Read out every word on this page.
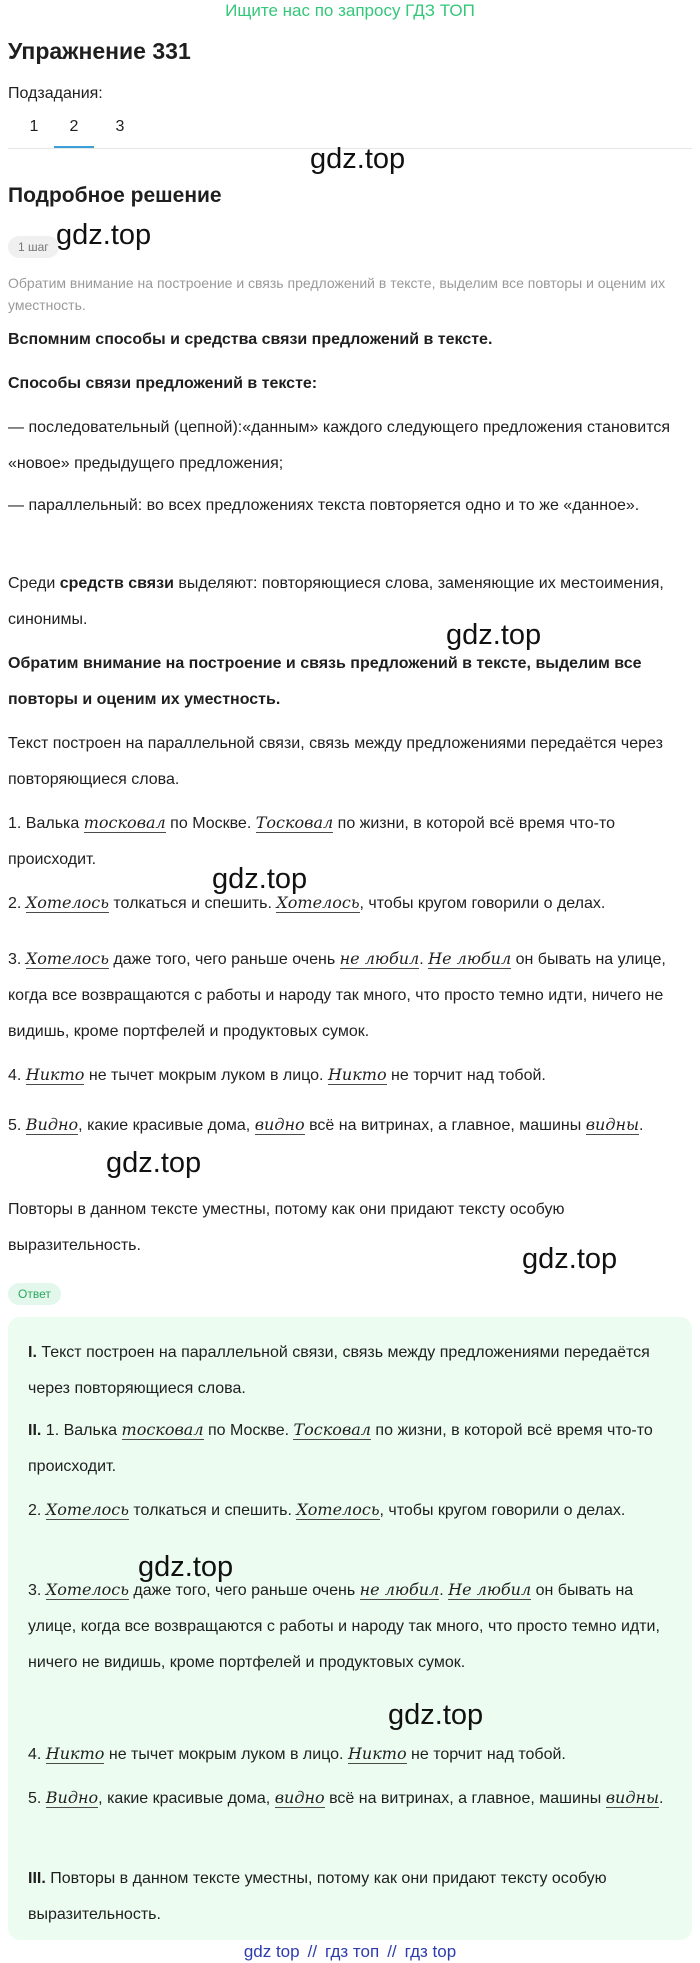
Ищите нас по запросу ГДЗ ТОП
Упражнение 331
Подзадания:
1	2	3
Подробное решение
1 шаг
Обратим внимание на построение и связь предложений в тексте, выделим все повторы и оценим их уместность.
Вспомним способы и средства связи предложений в тексте.
Способы связи предложений в тексте:
— последовательный (цепной):«данным» каждого следующего предложения становится «новое» предыдущего предложения;
— параллельный: во всех предложениях текста повторяется одно и то же «данное».
Среди средств связи выделяют: повторяющиеся слова, заменяющие их местоимения, синонимы.
Обратим внимание на построение и связь предложений в тексте, выделим все повторы и оценим их уместность.
Текст построен на параллельной связи, связь между предложениями передаётся через повторяющиеся слова.
1. Валька тосковал по Москве. Тосковал по жизни, в которой всё время что-то происходит.
2. Хотелось толкаться и спешить. Хотелось, чтобы кругом говорили о делах.
3. Хотелось даже того, чего раньше очень не любил. Не любил он бывать на улице, когда все возвращаются с работы и народу так много, что просто темно идти, ничего не видишь, кроме портфелей и продуктовых сумок.
4. Никто не тычет мокрым луком в лицо. Никто не торчит над тобой.
5. Видно, какие красивые дома, видно всё на витринах, а главное, машины видны.
Повторы в данном тексте уместны, потому как они придают тексту особую выразительность.
Ответ
I. Текст построен на параллельной связи, связь между предложениями передаётся через повторяющиеся слова.
II. 1. Валька тосковал по Москве. Тосковал по жизни, в которой всё время что-то происходит.
2. Хотелось толкаться и спешить. Хотелось, чтобы кругом говорили о делах.
3. Хотелось даже того, чего раньше очень не любил. Не любил он бывать на улице, когда все возвращаются с работы и народу так много, что просто темно идти, ничего не видишь, кроме портфелей и продуктовых сумок.
4. Никто не тычет мокрым луком в лицо. Никто не торчит над тобой.
5. Видно, какие красивые дома, видно всё на витринах, а главное, машины видны.
III. Повторы в данном тексте уместны, потому как они придают тексту особую выразительность.
gdz.top
gdz.top
gdz.top
gdz.top
gdz.top
gdz.top
gdz.top
gdz.top
gdz top // гдз топ // гдз top
